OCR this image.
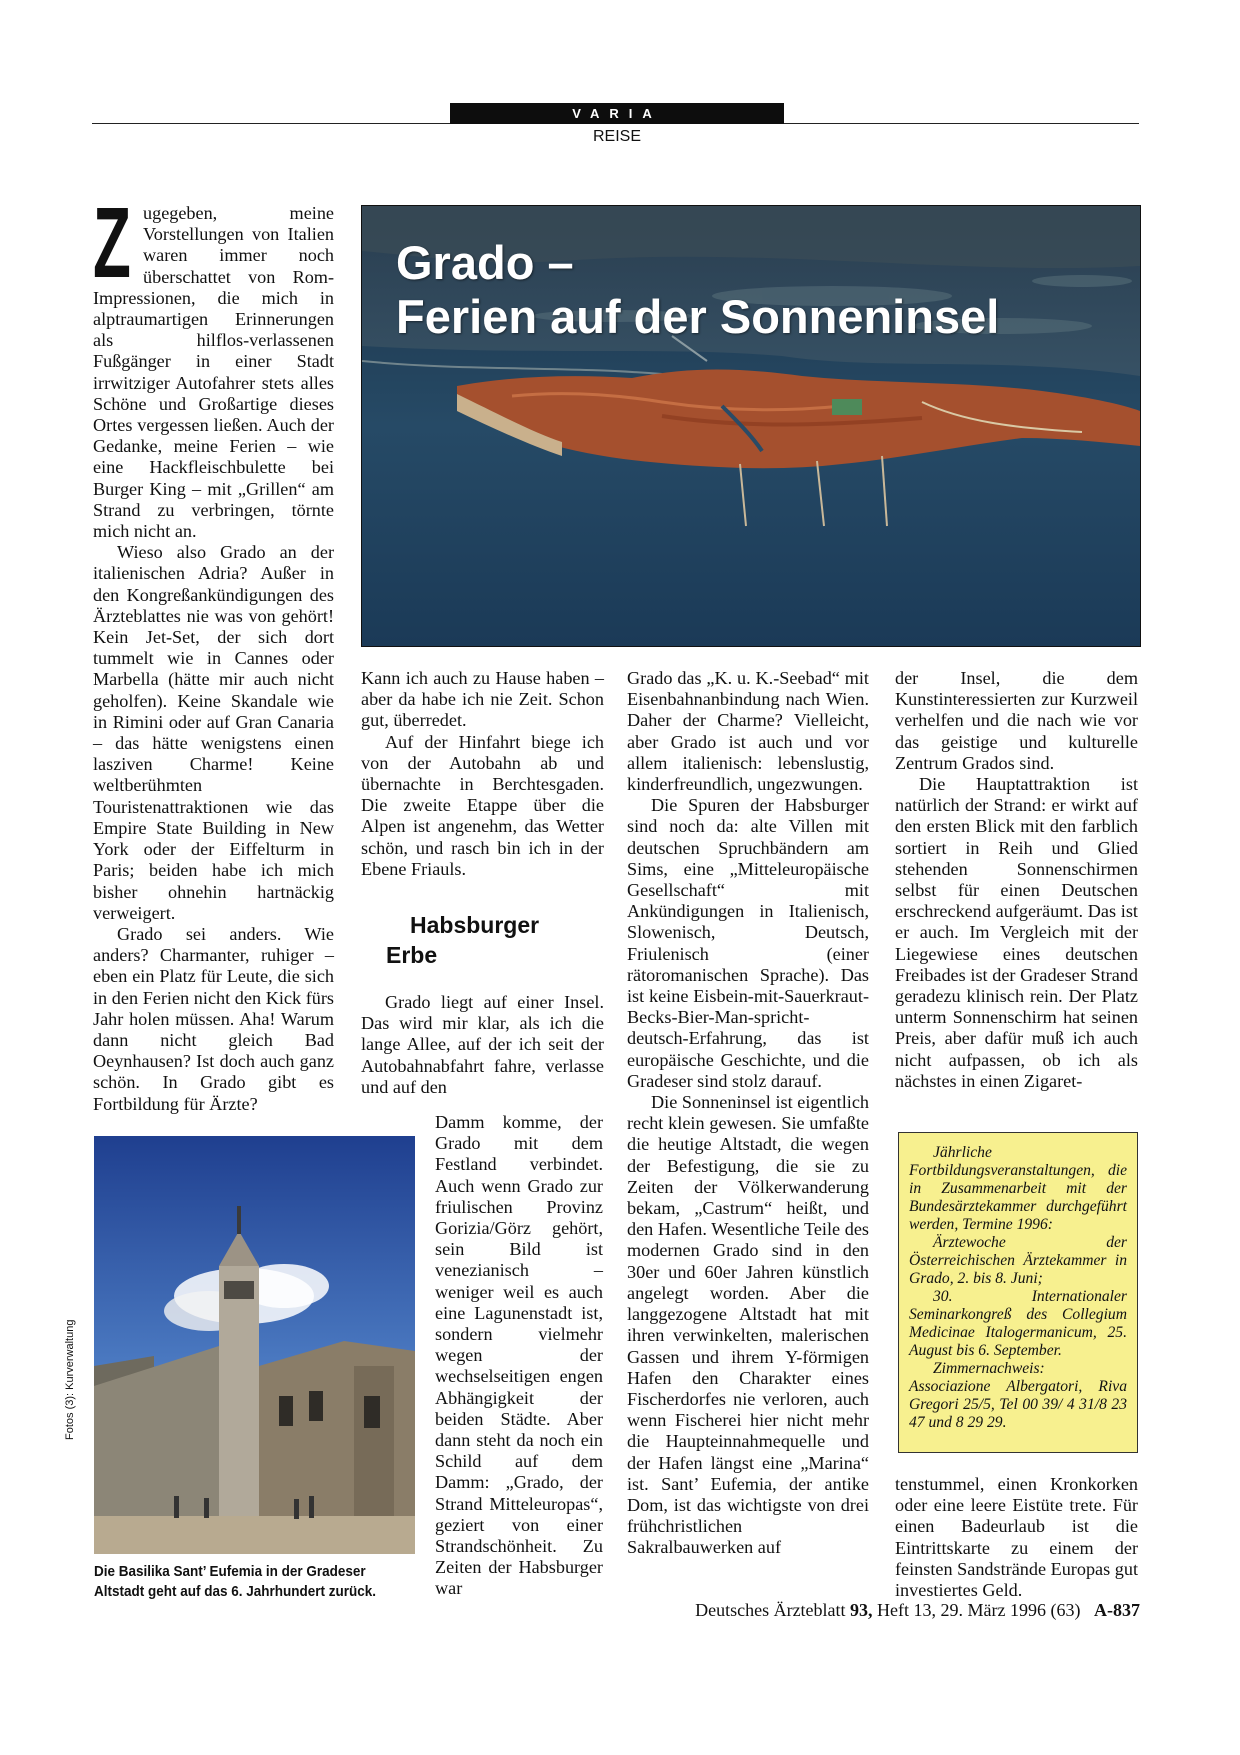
VARIA
REISE

Zugegeben, meine Vorstellungen von Italien waren immer noch überschattet von Rom-Impressionen, die mich in alptraumartigen Erinnerungen als hilflos-verlassenen Fußgänger in einer Stadt irrwitziger Autofahrer stets alles Schöne und Großartige dieses Ortes vergessen ließen. Auch der Gedanke, meine Ferien – wie eine Hackfleischbulette bei Burger King – mit „Grillen“ am Strand zu verbringen, törnte mich nicht an.

Wieso also Grado an der italienischen Adria? Außer in den Kongreßankündigungen des Ärzteblattes nie was von gehört! Kein Jet-Set, der sich dort tummelt wie in Cannes oder Marbella (hätte mir auch nicht geholfen). Keine Skandale wie in Rimini oder auf Gran Canaria – das hätte wenigstens einen lasziven Charme! Keine weltberühmten Touristenattraktionen wie das Empire State Building in New York oder der Eiffelturm in Paris; beiden habe ich mich bisher ohnehin hartnäckig verweigert.

Grado sei anders. Wie anders? Charmanter, ruhiger – eben ein Platz für Leute, die sich in den Ferien nicht den Kick fürs Jahr holen müssen. Aha! Warum dann nicht gleich Bad Oeynhausen? Ist doch auch ganz schön. In Grado gibt es Fortbildung für Ärzte?

Grado –
Ferien auf der Sonneninsel

Kann ich auch zu Hause haben – aber da habe ich nie Zeit. Schon gut, überredet.

Auf der Hinfahrt biege ich von der Autobahn ab und übernachte in Berchtesgaden. Die zweite Etappe über die Alpen ist angenehm, das Wetter schön, und rasch bin ich in der Ebene Friauls.

Habsburger
Erbe

Grado liegt auf einer Insel. Das wird mir klar, als ich die lange Allee, auf der ich seit der Autobahnabfahrt fahre, verlasse und auf den

Damm komme, der Grado mit dem Festland verbindet. Auch wenn Grado zur friulischen Provinz Gorizia/Görz gehört, sein Bild ist venezianisch – weniger weil es auch eine Lagunenstadt ist, sondern vielmehr wegen der wechselseitigen engen Abhängigkeit der beiden Städte. Aber dann steht da noch ein Schild auf dem Damm: „Grado, der Strand Mitteleuropas“, geziert von einer Strandschönheit. Zu Zeiten der Habsburger war

Fotos (3): Kurverwaltung
Die Basilika Sant’ Eufemia in der Gradeser Altstadt geht auf das 6. Jahrhundert zurück.

Grado das „K. u. K.-Seebad“ mit Eisenbahnanbindung nach Wien. Daher der Charme? Vielleicht, aber Grado ist auch und vor allem italienisch: lebenslustig, kinderfreundlich, ungezwungen.

Die Spuren der Habsburger sind noch da: alte Villen mit deutschen Spruchbändern am Sims, eine „Mitteleuropäische Gesellschaft“ mit Ankündigungen in Italienisch, Slowenisch, Deutsch, Friulenisch (einer rätoromanischen Sprache). Das ist keine Eisbein-mit-Sauerkraut-Becks-Bier-Man-spricht-deutsch-Erfahrung, das ist europäische Geschichte, und die Gradeser sind stolz darauf.

Die Sonneninsel ist eigentlich recht klein gewesen. Sie umfaßte die heutige Altstadt, die wegen der Befestigung, die sie zu Zeiten der Völkerwanderung bekam, „Castrum“ heißt, und den Hafen. Wesentliche Teile des modernen Grado sind in den 30er und 60er Jahren künstlich angelegt worden. Aber die langgezogene Altstadt hat mit ihren verwinkelten, malerischen Gassen und ihrem Y-förmigen Hafen den Charakter eines Fischerdorfes nie verloren, auch wenn Fischerei hier nicht mehr die Haupteinnahmequelle und der Hafen längst eine „Marina“ ist. Sant’ Eufemia, der antike Dom, ist das wichtigste von drei frühchristlichen Sakralbauwerken auf

der Insel, die dem Kunstinteressierten zur Kurzweil verhelfen und die nach wie vor das geistige und kulturelle Zentrum Grados sind.

Die Hauptattraktion ist natürlich der Strand: er wirkt auf den ersten Blick mit den farblich sortiert in Reih und Glied stehenden Sonnenschirmen selbst für einen Deutschen erschreckend aufgeräumt. Das ist er auch. Im Vergleich mit der Liegewiese eines deutschen Freibades ist der Gradeser Strand geradezu klinisch rein. Der Platz unterm Sonnenschirm hat seinen Preis, aber dafür muß ich auch nicht aufpassen, ob ich als nächstes in einen Zigaret-

Jährliche Fortbildungsveranstaltungen, die in Zusammenarbeit mit der Bundesärztekammer durchgeführt werden, Termine 1996:

Ärztewoche der Österreichischen Ärztekammer in Grado, 2. bis 8. Juni;

30. Internationaler Seminarkongreß des Collegium Medicinae Italogermanicum, 25. August bis 6. September.

Zimmernachweis: Associazione Albergatori, Riva Gregori 25/5, Tel 00 39/ 4 31/8 23 47 und 8 29 29.

tenstummel, einen Kronkorken oder eine leere Eistüte trete. Für einen Badeurlaub ist die Eintrittskarte zu einem der feinsten Sandstrände Europas gut investiertes Geld.

Deutsches Ärzteblatt 93, Heft 13, 29. März 1996 (63) A-837
